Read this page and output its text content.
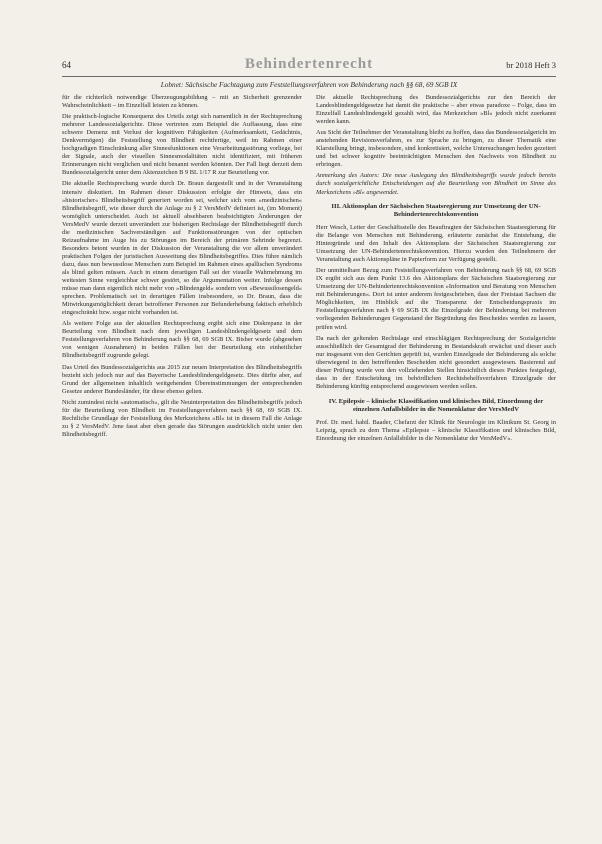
64	Behindertenrecht	br 2018 Heft 3
Lobnet: Sächsische Fachtagung zum Feststellungsverfahren von Behinderung nach §§ 68, 69 SGB IX

für die richterlich notwendige Überzeugungsbildung – mit an Sicherheit grenzender Wahrscheinlichkeit – im Einzelfall leisten zu können.

Die praktisch-logische Konsequenz des Urteils zeigt sich namentlich in der Rechtsprechung mehrerer Landessozialgerichte. Diese vertreten zum Beispiel die Auffassung, dass eine schwere Demenz mit Verlust der kognitiven Fähigkeiten (Aufmerksamkeit, Gedächtnis, Denkvermögen) die Feststellung von Blindheit rechtfertige, weil im Rahmen einer hochgradigen Einschränkung aller Sinnesfunktionen eine Verarbeitungsstörung vorliege, bei der Signale, auch der visuellen Sinnesmodalitäten nicht identifiziert, mit früheren Erinnerungen nicht verglichen und nicht benannt werden könnten. Der Fall liegt derzeit dem Bundessozialgericht unter dem Aktenzeichen B 9 BL 1/17 R zur Beurteilung vor.

Die aktuelle Rechtsprechung wurde durch Dr. Braun dargestellt und in der Veranstaltung intensiv diskutiert. Im Rahmen dieser Diskussion erfolgte der Hinweis, dass ein »historischer« Blindheitsbegriff generiert worden sei, welcher sich vom »medizinischen« Blindheitsbegriff, wie dieser durch die Anlage zu § 2 VersMedV definiert ist, (im Moment) womöglich unterscheidet. Auch ist aktuell absehbaren beabsichtigten Änderungen der VersMedV wurde derzeit unverändert zur bisherigen Rechtslage der Blindheitsbegriff durch die medizinischen Sachverständigen auf Funktionsstörungen von der optischen Reizaufnahme im Auge bis zu Störungen im Bereich der primären Sehrinde begrenzt. Besonders betont wurden in der Diskussion der Veranstaltung die vor allem unverändert praktischen Folgen der juristischen Ausweitung des Blindheitsbegriffes. Dies führe nämlich dazu, dass nun bewusstlose Menschen zum Beispiel im Rahmen eines apallischen Syndroms als blind gelten müssen. Auch in einem derartigen Fall sei der visuelle Wahrnehmung im weitesten Sinne vergleichbar schwer gestört, so die Argumentation weiter. Infolge dessen müsse man dann eigentlich nicht mehr von »Blindengeld« sondern von »Bewusstlosengeld« sprechen. Problematisch sei in derartigen Fällen insbesondere, so Dr. Braun, dass die Mitwirkungsmöglichkeit derart betroffener Personen zur Befunderhebung faktisch erheblich eingeschränkt bzw. sogar nicht vorhanden ist.

Als weitere Folge aus der aktuellen Rechtsprechung ergibt sich eine Diskrepanz in der Beurteilung von Blindheit nach dem jeweiligen Landesblindengeldgesetz und dem Feststellungsverfahren von Behinderung nach §§ 68, 69 SGB IX. Bisher wurde (abgesehen von wenigen Ausnahmen) in beiden Fällen bei der Beurteilung ein einheitlicher Blindheitsbegriff zugrunde gelegt.

Das Urteil des Bundessozialgerichts aus 2015 zur neuen Interpretation des Blindheitsbegriffs bezieht sich jedoch nur auf das Bayerische Landesblindengeldgesetz. Dies dürfte aber, auf Grund der allgemeinen inhaltlich weitgehenden Übereinstimmungen der entsprechenden Gesetze anderer Bundesländer, für diese ebenso gelten.

Nicht zumindest nicht »automatisch«, gilt die Neuinterpretation des Blindheitsbegriffs jedoch für die Beurteilung von Blindheit im Feststellungsverfahren nach §§ 68, 69 SGB IX. Rechtliche Grundlage der Feststellung des Merkzeichens »Bl« ist in diesem Fall die Anlage zu § 2 VersMedV. Jene fasst aber eben gerade das Störungen ausdrücklich nicht unter den Blindheitsbegriff.

Die aktuelle Rechtsprechung des Bundessozialgerichts zur den Bereich der Landesblindengeldgesetze hat damit die praktische – aber etwas paradoxe – Folge, dass im Einzelfall Landesblindengeld gezahlt wird, das Merkzeichen »Bl« jedoch nicht zuerkannt werden kann.

Aus Sicht der Teilnehmer der Veranstaltung bleibt zu hoffen, dass das Bundessozialgericht im anstehenden Revisionsverfahren, es zur Sprache zu bringen, zu dieser Thematik eine Klarstellung bringt, insbesondere, sind konkretisiert, welche Untersuchungen heden gezeitert und bei schwer kognitiv beeinträchtigten Menschen den Nachweis von Blindheit zu erbringen.

Anmerkung des Autors: Die neue Auslegung des Blindheitsbegriffs wurde jedoch bereits durch sozialgerichtliche Entscheidungen auf die Beurteilung von Blindheit im Sinne des Merkzeichens »Bl« angewendet.

III. Aktionsplan der Sächsischen Staatsregierung zur Umsetzung der UN-Behindertenrechtskonvention

Herr Wesch, Leiter der Geschäftsstelle des Beauftragten der Sächsischen Staatsregierung für die Belange von Menschen mit Behinderung, erläuterte zunächst die Entstehung, die Hintergründe und den Inhalt des Aktionsplans der Sächsischen Staatsregierung zur Umsetzung der UN-Behindertenrechtskonvention. Hierzu wurden den Teilnehmern der Veranstaltung auch Aktionspläne in Papierform zur Verfügung gestellt.

Der unmittelbare Bezug zum Feststellungsverfahren von Behinderung nach §§ 68, 69 SGB IX ergibt sich aus dem Punkt 13.6 des Aktionsplans der Sächsischen Staatsregierung zur Umsetzung der UN-Behindertenrechtskonvention »Information und Beratung von Menschen mit Behinderungen«. Dort ist unter anderem festgeschrieben, dass der Freistaat Sachsen die Möglichkeiten, im Hinblick auf die Transparenz der Entscheidungspraxis im Feststellungsverfahren nach § 69 SGB IX die Einzelgrade der Behinderung bei mehreren vorliegenden Behinderungen Gegenstand der Begründung des Bescheides werden zu lassen, prüfen wird.

Da nach der geltenden Rechtslage und einschlägigen Rechtsprechung der Sozialgerichte ausschließlich der Gesamtgrad der Behinderung in Bestandskraft erwächst und dieser auch nur insgesamt von den Gerichten geprüft ist, wurden Einzelgrade der Behinderung als solche überwiegend in den betreffenden Bescheiden nicht gesondert ausgewiesen. Basierend auf dieser Prüfung wurde von den vollziehenden Stellen hinsichtlich dieses Punktes festgelegt, dass in der Entscheidung im behördlichen Rechtsbehelfsverfahren Einzelgrade der Behinderung künftig entsprechend ausgewiesen werden sollen.

IV. Epilepsie – klinische Klassifikation und klinisches Bild, Einordnung der einzelnen Anfallsbilder in die Nomenklatur der VersMedV

Prof. Dr. med. habil. Baader, Chefarzt der Klinik für Neurologie im Klinikum St. Georg in Leipzig, sprach zu dem Thema »Epilepsie – klinische Klassifikation und klinisches Bild, Einordnung der einzelnen Anfallsbilder in die Nomenklatur der VersMedV«.
